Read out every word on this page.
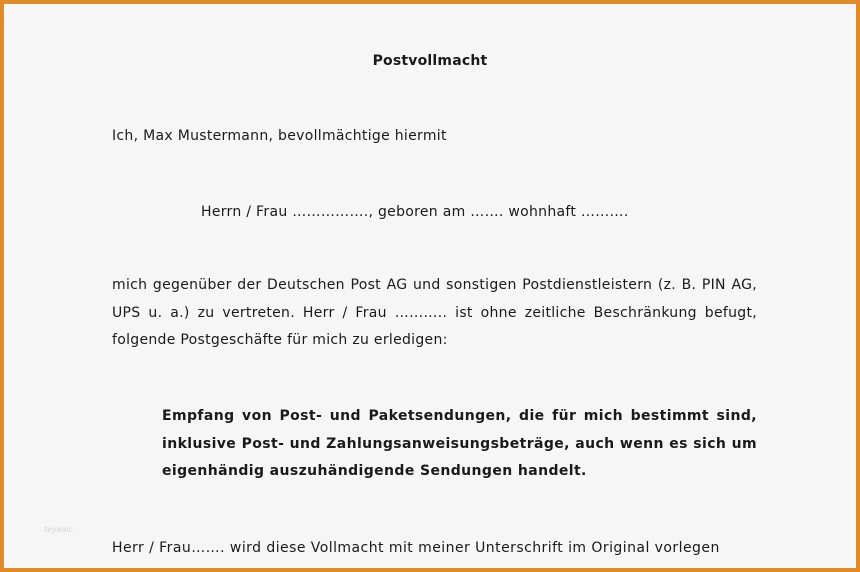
Postvollmacht
Ich, Max Mustermann, bevollmächtige hiermit
Herrn / Frau ……………., geboren am ……. wohnhaft ……….
mich gegenüber der Deutschen Post AG und sonstigen Postdienstleistern (z. B. PIN AG, UPS u. a.) zu vertreten. Herr / Frau ……….. ist ohne zeitliche Beschränkung befugt, folgende Postgeschäfte für mich zu erledigen:
Empfang von Post- und Paketsendungen, die für mich bestimmt sind, inklusive Post- und Zahlungsanweisungsbeträge, auch wenn es sich um eigenhändig auszuhändigende Sendungen handelt.
teyxalc
Herr / Frau……. wird diese Vollmacht mit meiner Unterschrift im Original vorlegen
